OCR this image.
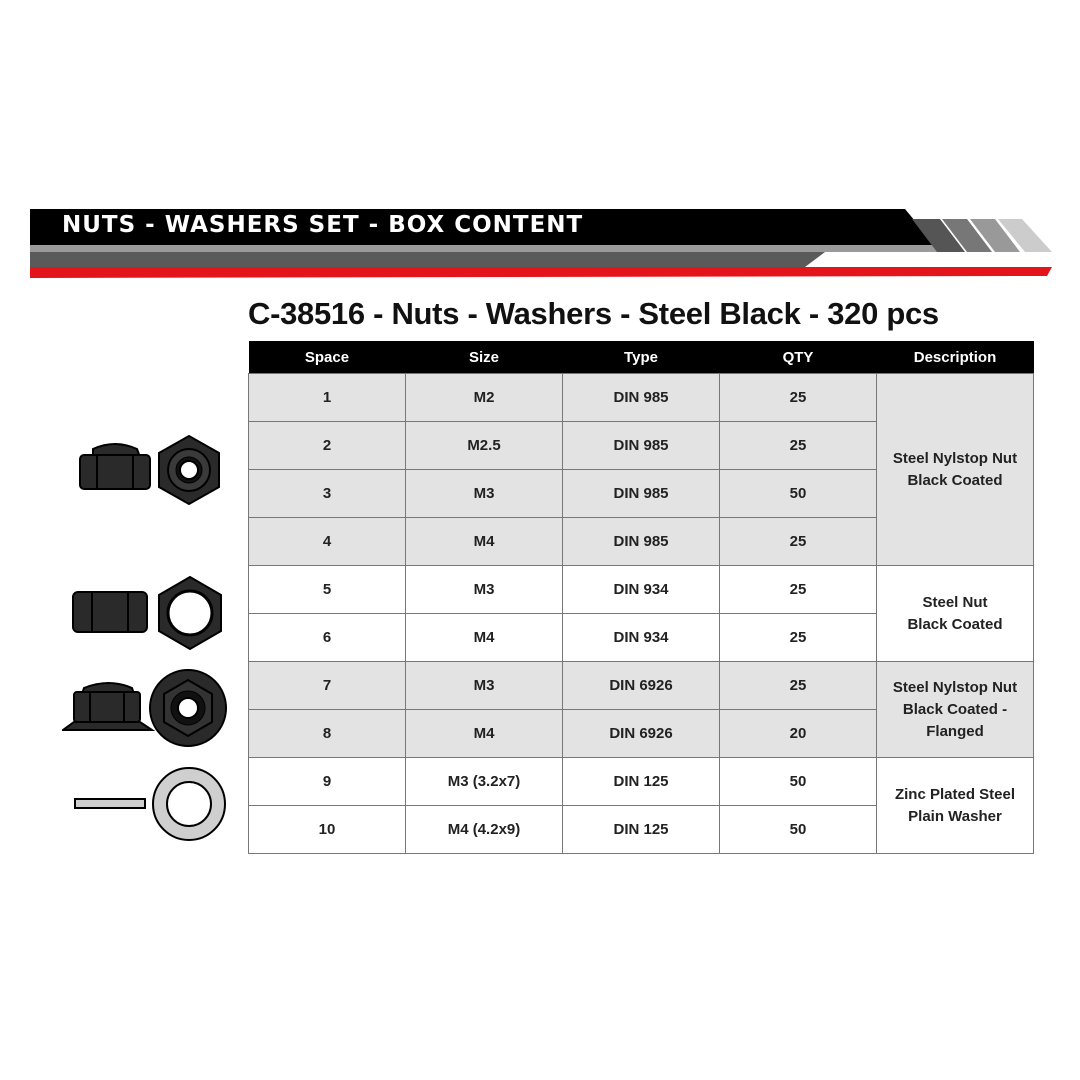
NUTS - WASHERS SET - BOX CONTENT
C-38516 - Nuts - Washers - Steel Black - 320 pcs
Space	Size	Type	QTY	Description
1	M2	DIN 985	25	Steel Nylstop Nut
Black Coated
2	M2.5	DIN 985	25	
3	M3	DIN 985	50	
4	M4	DIN 985	25	
5	M3	DIN 934	25	Steel Nut
Black Coated
6	M4	DIN 934	25	
7	M3	DIN 6926	25	Steel Nylstop Nut
Black Coated -
Flanged
8	M4	DIN 6926	20	
9	M3 (3.2x7)	DIN 125	50	Zinc Plated Steel
Plain Washer
10	M4 (4.2x9)	DIN 125	50	
